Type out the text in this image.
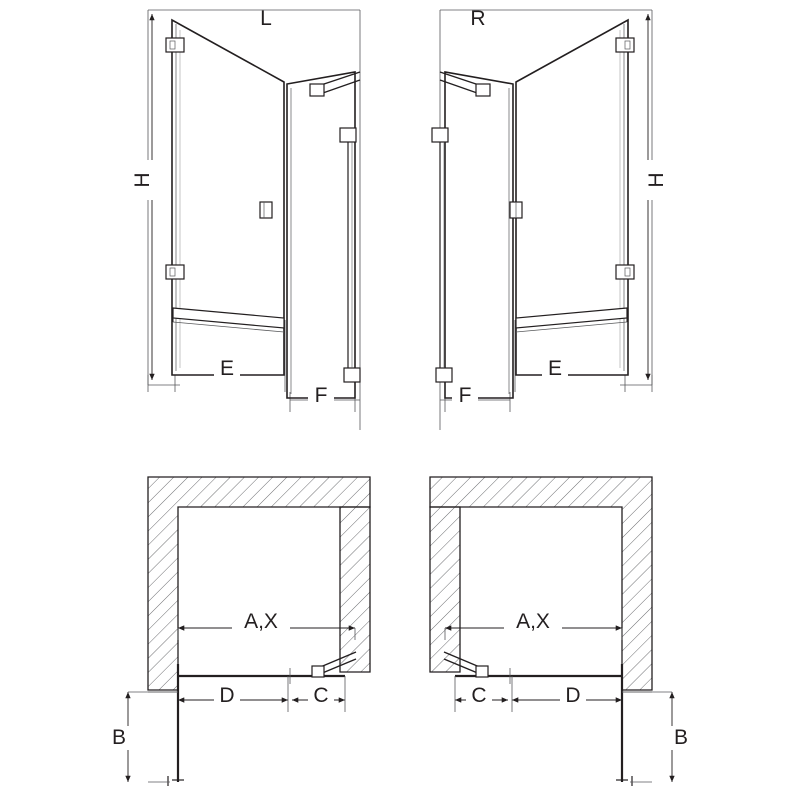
H
L
E
F
H
R
E
F
A,X
D	C
B
A,X
D
C
B
